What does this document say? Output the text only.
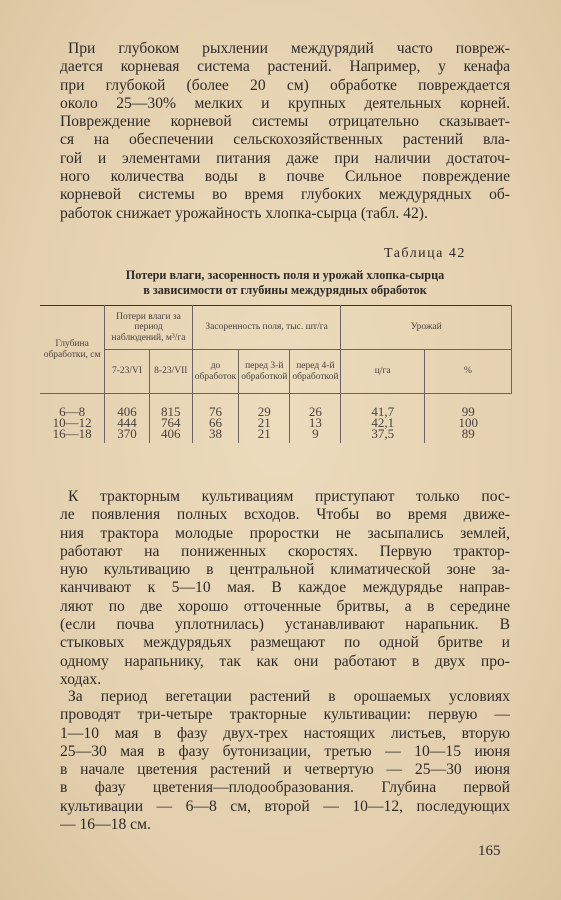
При глубоком рыхлении междурядий часто повреж-
дается корневая система растений. Например, у кенафа
при глубокой (более 20 см) обработке повреждается
около 25—30% мелких и крупных деятельных корней.
Повреждение корневой системы отрицательно сказывает-
ся на обеспечении сельскохозяйственных растений вла-
гой и элементами питания даже при наличии достаточ-
ного количества воды в почве Сильное повреждение
корневой системы во время глубоких междурядных об-
работок снижает урожайность хлопка-сырца (табл. 42).
Таблица 42
Потери влаги, засоренность поля и урожай хлопка-сырца
в зависимости от глубины междурядных обработок
Глубина обработки, см	Потери влаги за период наблюдений, м³/га		Засоренность поля, тыс. шт/га			Урожай	
	7-23/VI	8-23/VII	до обработок	перед 3-й обработкой	перед 4-й обработкой	ц/га	%
6—8	406	815	76	29	26	41,7	99
10—12	444	764	66	21	13	42,1	100
16—18	370	406	38	21	9	37,5	89
К тракторным культивациям приступают только пос-
ле появления полных всходов. Чтобы во время движе-
ния трактора молодые проростки не засыпались землей,
работают на пониженных скоростях. Первую трактор-
ную культивацию в центральной климатической зоне за-
канчивают к 5—10 мая. В каждое междурядье направ-
ляют по две хорошо отточенные бритвы, а в середине
(если почва уплотнилась) устанавливают нарапьник. В
стыковых междурядьях размещают по одной бритве и
одному нарапьнику, так как они работают в двух про-
ходах.
За период вегетации растений в орошаемых условиях
проводят три-четыре тракторные культивации: первую —
1—10 мая в фазу двух-трех настоящих листьев, вторую
25—30 мая в фазу бутонизации, третью — 10—15 июня
в начале цветения растений и четвертую — 25—30 июня
в фазу цветения—плодообразования. Глубина первой
культивации — 6—8 см, второй — 10—12, последующих
— 16—18 см.
165
